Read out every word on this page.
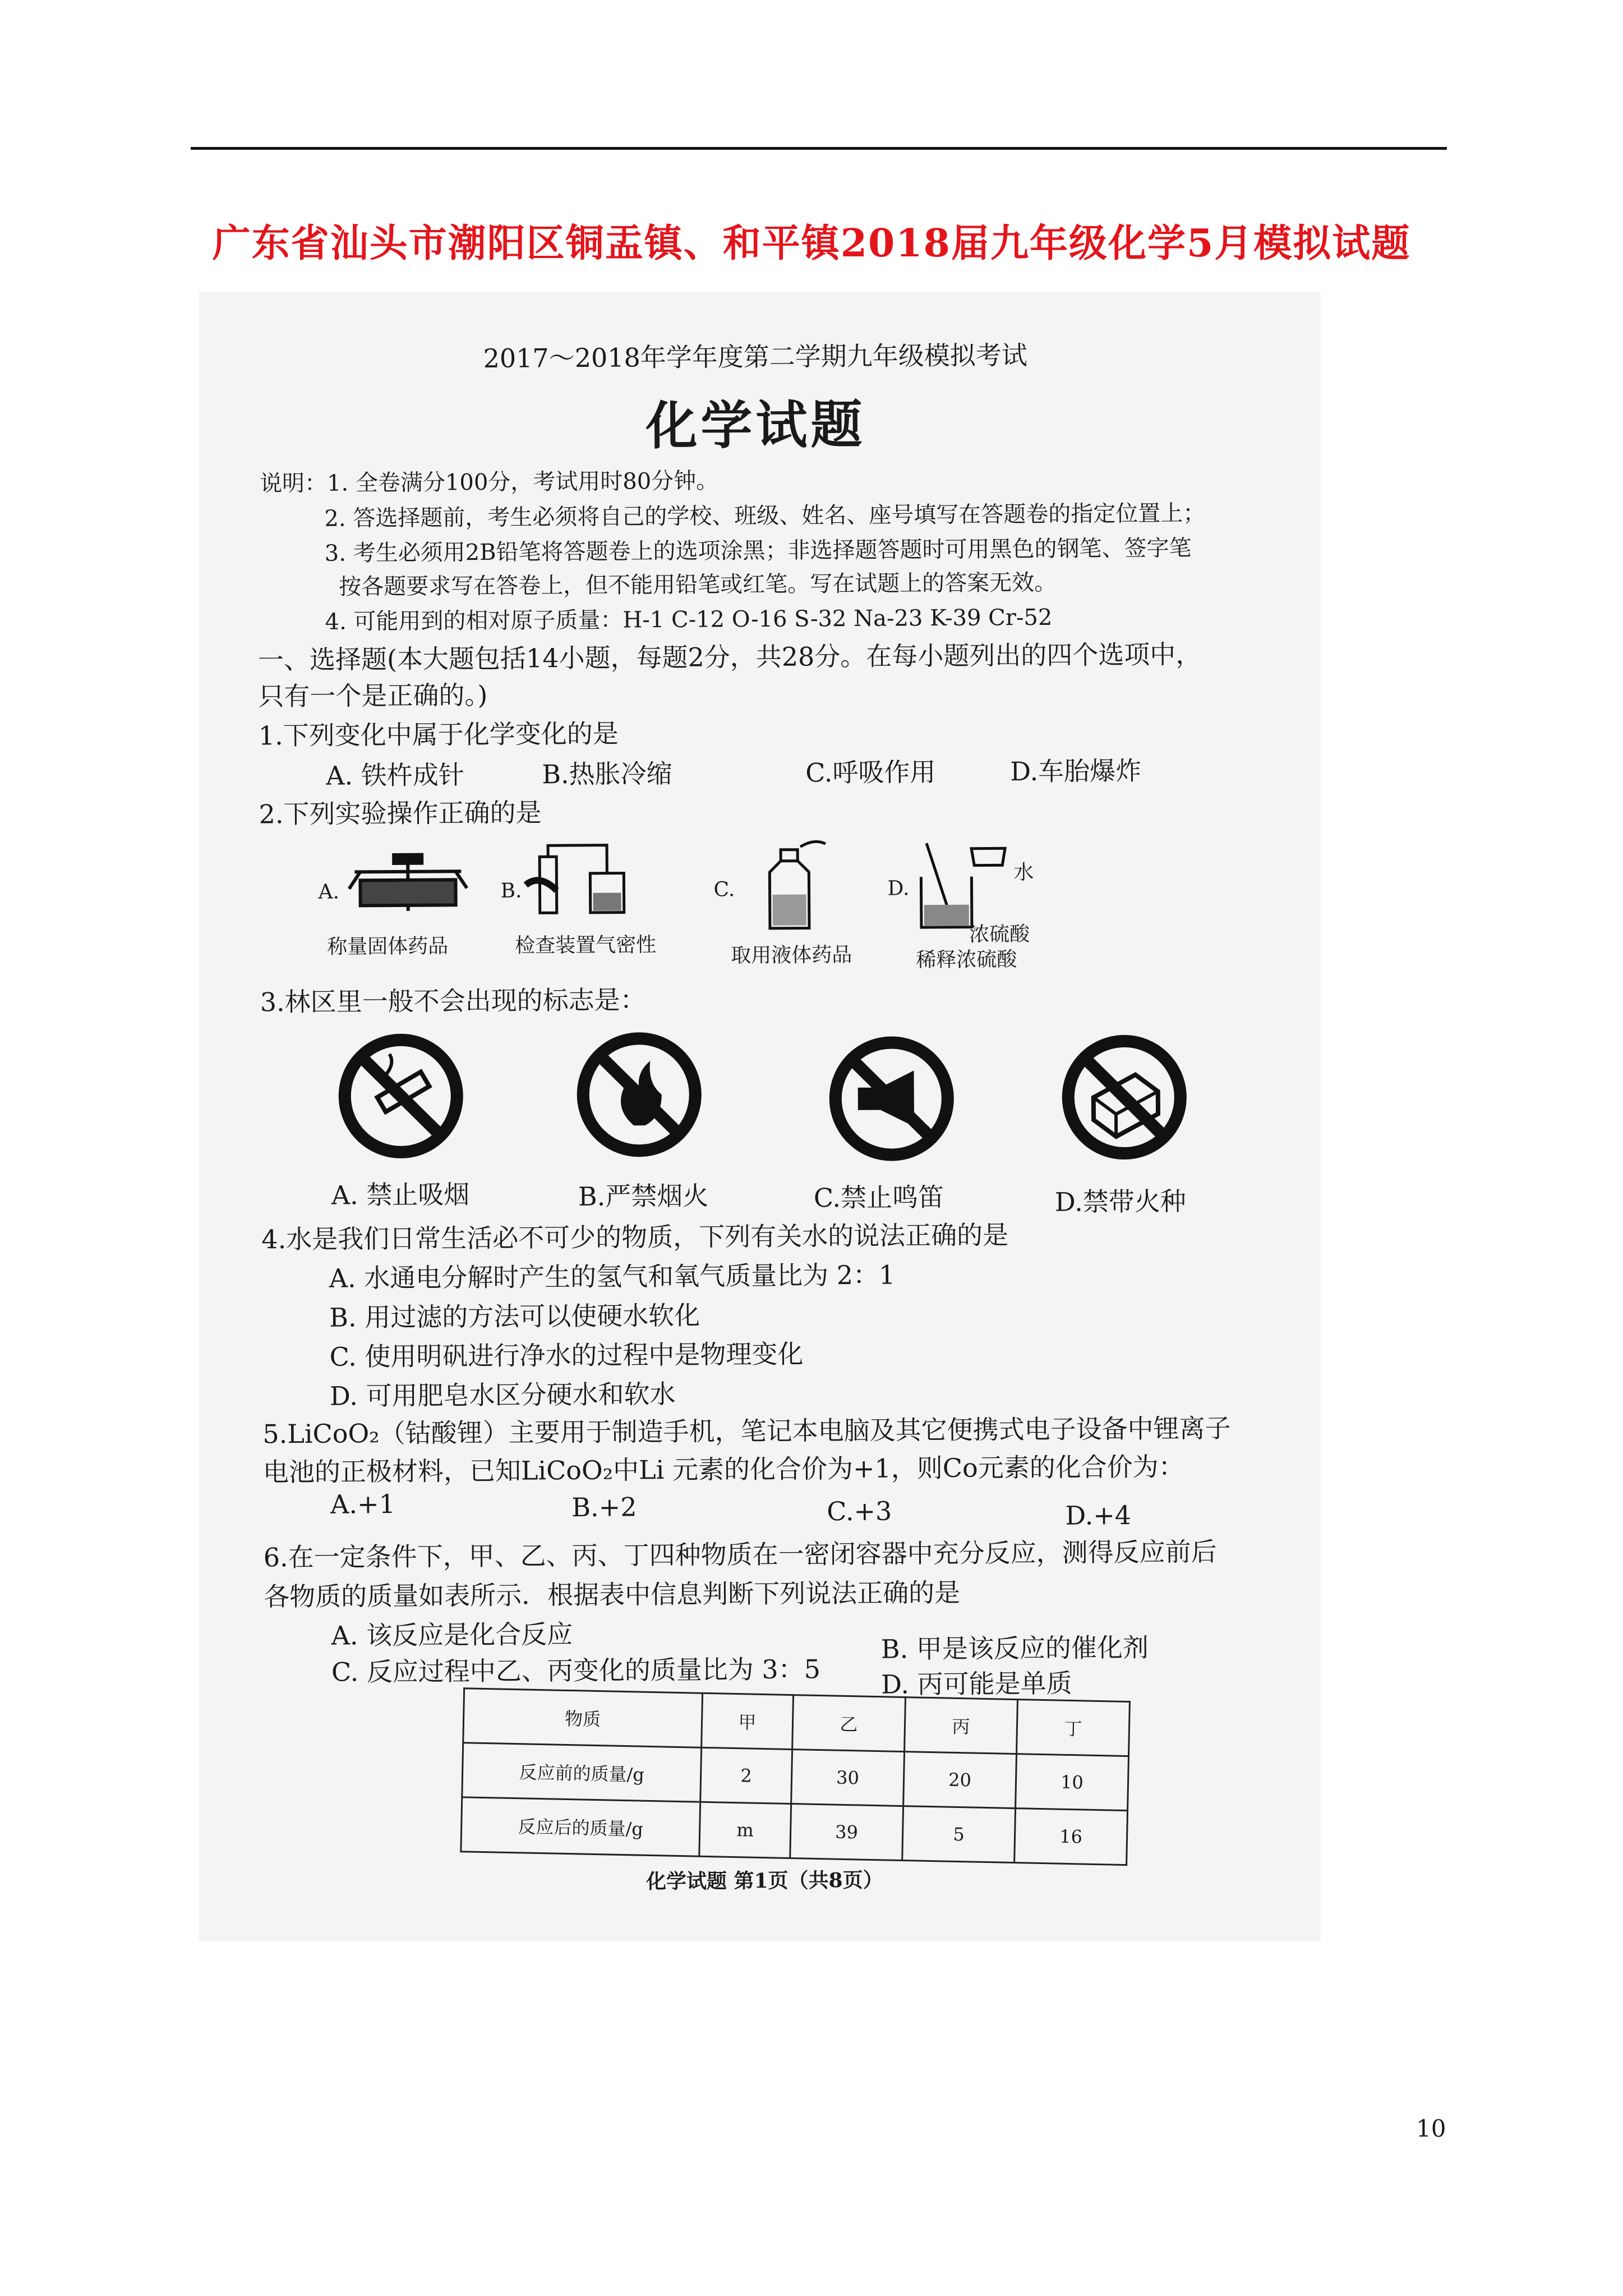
广东省汕头市潮阳区铜盂镇、和平镇2018届九年级化学5月模拟试题
2017～2018年学年度第二学期九年级模拟考试
化学试题
说明：1. 全卷满分100分，考试用时80分钟。
2. 答选择题前，考生必须将自己的学校、班级、姓名、座号填写在答题卷的指定位置上；
3. 考生必须用2B铅笔将答题卷上的选项涂黑；非选择题答题时可用黑色的钢笔、签字笔
按各题要求写在答卷上，但不能用铅笔或红笔。写在试题上的答案无效。
4. 可能用到的相对原子质量：H-1 C-12 O-16 S-32 Na-23 K-39 Cr-52
一、选择题(本大题包括14小题，每题2分，共28分。在每小题列出的四个选项中，
只有一个是正确的。)
1.下列变化中属于化学变化的是
A. 铁杵成针	B.热胀冷缩	C.呼吸作用	D.车胎爆炸
2.下列实验操作正确的是
A.
称量固体药品
B.
检查装置气密性
C.
取用液体药品
D.
水
浓硫酸
稀释浓硫酸
3.林区里一般不会出现的标志是：
A. 禁止吸烟	B.严禁烟火	C.禁止鸣笛	D.禁带火种
4.水是我们日常生活必不可少的物质，下列有关水的说法正确的是
A. 水通电分解时产生的氢气和氧气质量比为 2：1
B. 用过滤的方法可以使硬水软化
C. 使用明矾进行净水的过程中是物理变化
D. 可用肥皂水区分硬水和软水
5.LiCoO₂（钴酸锂）主要用于制造手机，笔记本电脑及其它便携式电子设备中锂离子
电池的正极材料，已知LiCoO₂中Li 元素的化合价为+1，则Co元素的化合价为：
A.+1	B.+2	C.+3	D.+4
6.在一定条件下，甲、乙、丙、丁四种物质在一密闭容器中充分反应，测得反应前后
各物质的质量如表所示．根据表中信息判断下列说法正确的是
A. 该反应是化合反应	B. 甲是该反应的催化剂
C. 反应过程中乙、丙变化的质量比为 3：5 D. 丙可能是单质
物质	甲	乙	丙	丁
反应前的质量/g	2	30	20	10
反应后的质量/g	m	39	5	16
化学试题 第1页（共8页）
10
